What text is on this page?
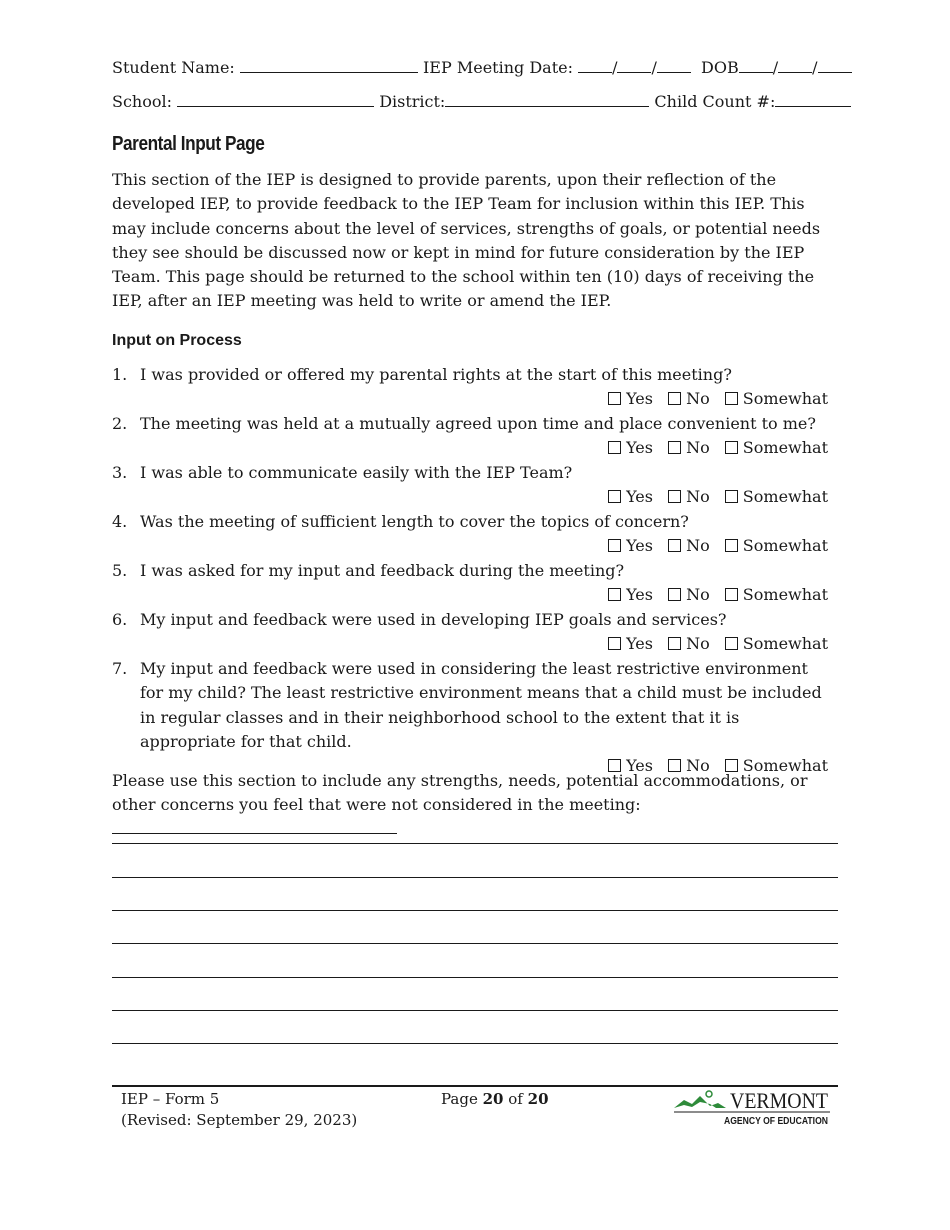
Student Name:	IEP Meeting Date: / /	DOB / /
School:	District:	Child Count #:
Parental Input Page

This section of the IEP is designed to provide parents, upon their reflection of the developed IEP, to provide feedback to the IEP Team for inclusion within this IEP. This may include concerns about the level of services, strengths of goals, or potential needs they see should be discussed now or kept in mind for future consideration by the IEP Team. This page should be returned to the school within ten (10) days of receiving the IEP, after an IEP meeting was held to write or amend the IEP.

Input on Process
1. I was provided or offered my parental rights at the start of this meeting?
Yes No Somewhat
2. The meeting was held at a mutually agreed upon time and place convenient to me?
Yes No Somewhat
3. I was able to communicate easily with the IEP Team?
Yes No Somewhat
4. Was the meeting of sufficient length to cover the topics of concern?
Yes No Somewhat
5. I was asked for my input and feedback during the meeting?
Yes No Somewhat
6. My input and feedback were used in developing IEP goals and services?
Yes No Somewhat
7. My input and feedback were used in considering the least restrictive environment for my child? The least restrictive environment means that a child must be included in regular classes and in their neighborhood school to the extent that it is appropriate for that child.
Yes No Somewhat

Please use this section to include any strengths, needs, potential accommodations, or other concerns you feel that were not considered in the meeting:

IEP – Form 5
(Revised: September 29, 2023)
Page 20 of 20	VERMONT
AGENCY OF EDUCATION
